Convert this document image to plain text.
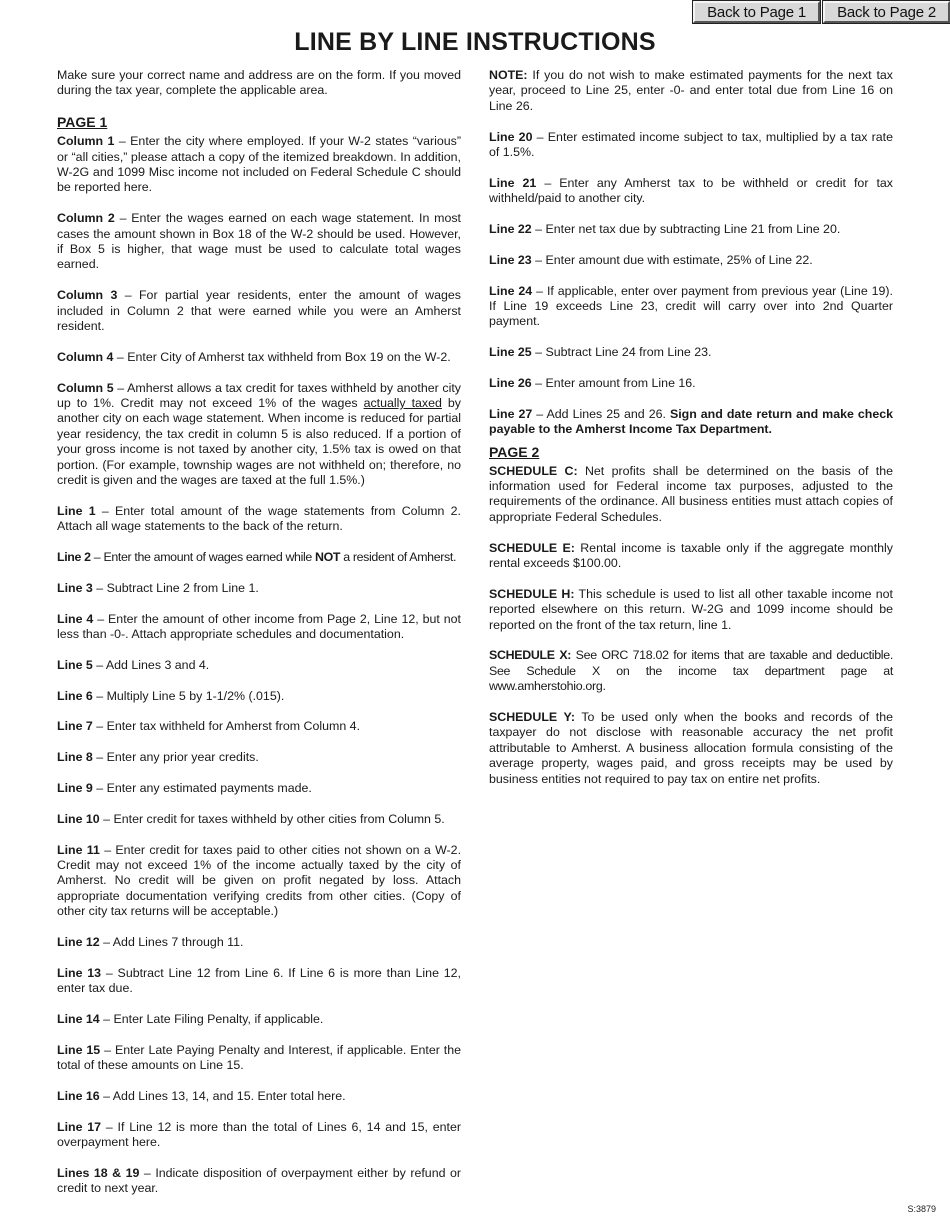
Back to Page 1	Back to Page 2
LINE BY LINE INSTRUCTIONS

Make sure your correct name and address are on the form. If you moved during the tax year, complete the applicable area.

PAGE 1

Column 1 – Enter the city where employed. If your W-2 states “various” or “all cities,” please attach a copy of the itemized breakdown. In addition, W-2G and 1099 Misc income not included on Federal Schedule C should be reported here.

Column 2 – Enter the wages earned on each wage statement. In most cases the amount shown in Box 18 of the W-2 should be used. However, if Box 5 is higher, that wage must be used to calculate total wages earned.

Column 3 – For partial year residents, enter the amount of wages included in Column 2 that were earned while you were an Amherst resident.

Column 4 – Enter City of Amherst tax withheld from Box 19 on the W-2.

Column 5 – Amherst allows a tax credit for taxes withheld by another city up to 1%. Credit may not exceed 1% of the wages actually taxed by another city on each wage statement. When income is reduced for partial year residency, the tax credit in column 5 is also reduced. If a portion of your gross income is not taxed by another city, 1.5% tax is owed on that portion. (For example, township wages are not withheld on; therefore, no credit is given and the wages are taxed at the full 1.5%.)

Line 1 – Enter total amount of the wage statements from Column 2. Attach all wage statements to the back of the return.

Line 2 – Enter the amount of wages earned while NOT a resident of Amherst.

Line 3 – Subtract Line 2 from Line 1.

Line 4 – Enter the amount of other income from Page 2, Line 12, but not less than -0-. Attach appropriate schedules and documentation.

Line 5 – Add Lines 3 and 4.

Line 6 – Multiply Line 5 by 1-1/2% (.015).

Line 7 – Enter tax withheld for Amherst from Column 4.

Line 8 – Enter any prior year credits.

Line 9 – Enter any estimated payments made.

Line 10 – Enter credit for taxes withheld by other cities from Column 5.

Line 11 – Enter credit for taxes paid to other cities not shown on a W-2. Credit may not exceed 1% of the income actually taxed by the city of Amherst. No credit will be given on profit negated by loss. Attach appropriate documentation verifying credits from other cities. (Copy of other city tax returns will be acceptable.)

Line 12 – Add Lines 7 through 11.

Line 13 – Subtract Line 12 from Line 6. If Line 6 is more than Line 12, enter tax due.

Line 14 – Enter Late Filing Penalty, if applicable.

Line 15 – Enter Late Paying Penalty and Interest, if applicable. Enter the total of these amounts on Line 15.

Line 16 – Add Lines 13, 14, and 15. Enter total here.

Line 17 – If Line 12 is more than the total of Lines 6, 14 and 15, enter overpayment here.

Lines 18 & 19 – Indicate disposition of overpayment either by refund or credit to next year.

NOTE: If you do not wish to make estimated payments for the next tax year, proceed to Line 25, enter -0- and enter total due from Line 16 on Line 26.

Line 20 – Enter estimated income subject to tax, multiplied by a tax rate of 1.5%.

Line 21 – Enter any Amherst tax to be withheld or credit for tax withheld/paid to another city.

Line 22 – Enter net tax due by subtracting Line 21 from Line 20.

Line 23 – Enter amount due with estimate, 25% of Line 22.

Line 24 – If applicable, enter over payment from previous year (Line 19). If Line 19 exceeds Line 23, credit will carry over into 2nd Quarter payment.

Line 25 – Subtract Line 24 from Line 23.

Line 26 – Enter amount from Line 16.

Line 27 – Add Lines 25 and 26. Sign and date return and make check payable to the Amherst Income Tax Department.

PAGE 2

SCHEDULE C: Net profits shall be determined on the basis of the information used for Federal income tax purposes, adjusted to the requirements of the ordinance. All business entities must attach copies of appropriate Federal Schedules.

SCHEDULE E: Rental income is taxable only if the aggregate monthly rental exceeds $100.00.

SCHEDULE H: This schedule is used to list all other taxable income not reported elsewhere on this return. W-2G and 1099 income should be reported on the front of the tax return, line 1.

SCHEDULE X: See ORC 718.02 for items that are taxable and deductible. See Schedule X on the income tax department page at www.amherstohio.org.

SCHEDULE Y: To be used only when the books and records of the taxpayer do not disclose with reasonable accuracy the net profit attributable to Amherst. A business allocation formula consisting of the average property, wages paid, and gross receipts may be used by business entities not required to pay tax on entire net profits.

S:3879
